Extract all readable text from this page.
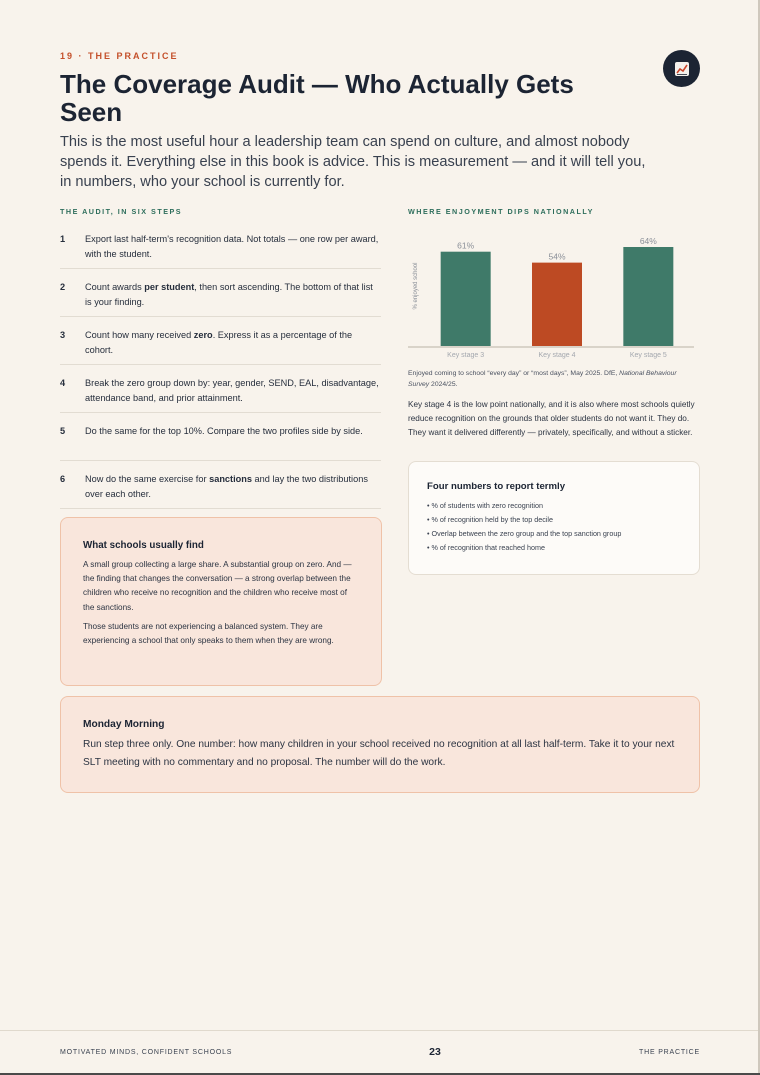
19 · THE PRACTICE
The Coverage Audit — Who Actually Gets Seen

This is the most useful hour a leadership team can spend on culture, and almost nobody spends it. Everything else in this book is advice. This is measurement — and it will tell you, in numbers, who your school is currently for.

THE AUDIT, IN SIX STEPS	WHERE ENJOYMENT DIPS NATIONALLY
1	Export last half-term's recognition data. Not totals — one row per award, with the student.
2	Count awards per student, then sort ascending. The bottom of that list is your finding.
3	Count how many received zero. Express it as a percentage of the cohort.
4	Break the zero group down by: year, gender, SEND, EAL, disadvantage, attendance band, and prior attainment.
5	Do the same for the top 10%. Compare the two profiles side by side.
6	Now do the same exercise for sanctions and lay the two distributions over each other.
What schools usually find

A small group collecting a large share. A substantial group on zero. And — the finding that changes the conversation — a strong overlap between the children who receive no recognition and the children who receive most of the sanctions.

Those students are not experiencing a balanced system. They are experiencing a school that only speaks to them when they are wrong.

% enjoyed school
61%
Key stage 3
54%
Key stage 4
64%
Key stage 5
Enjoyed coming to school “every day” or “most days”, May 2025. DfE, National Behaviour Survey 2024/25.

Key stage 4 is the low point nationally, and it is also where most schools quietly reduce recognition on the grounds that older students do not want it. They do. They want it delivered differently — privately, specifically, and without a sticker.

Four numbers to report termly
• % of students with zero recognition
• % of recognition held by the top decile
• Overlap between the zero group and the top sanction group
• % of recognition that reached home
Monday Morning
Run step three only. One number: how many children in your school received no recognition at all last half-term. Take it to your next SLT meeting with no commentary and no proposal. The number will do the work.
MOTIVATED MINDS, CONFIDENT SCHOOLS	23	THE PRACTICE
